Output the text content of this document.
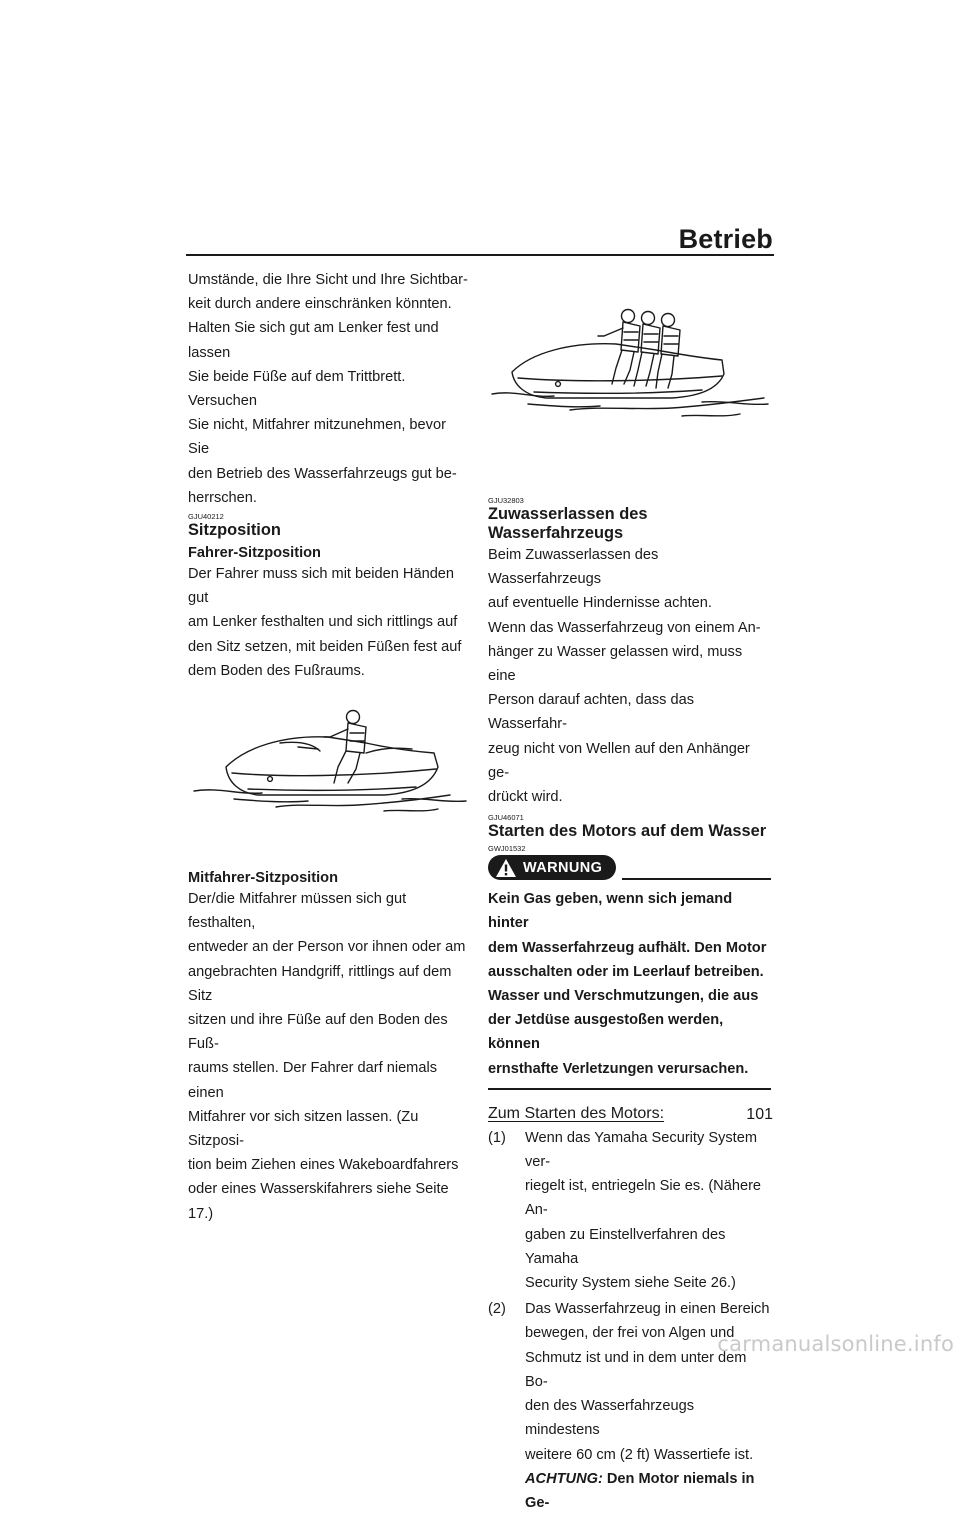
Betrieb

Umstände, die Ihre Sicht und Ihre Sichtbar-
keit durch andere einschränken könnten.
Halten Sie sich gut am Lenker fest und lassen
Sie beide Füße auf dem Trittbrett. Versuchen
Sie nicht, Mitfahrer mitzunehmen, bevor Sie
den Betrieb des Wasserfahrzeugs gut be-
herrschen.

GJU40212

Sitzposition

Fahrer-Sitzposition

Der Fahrer muss sich mit beiden Händen gut
am Lenker festhalten und sich rittlings auf
den Sitz setzen, mit beiden Füßen fest auf
dem Boden des Fußraums.

Mitfahrer-Sitzposition

Der/die Mitfahrer müssen sich gut festhalten,
entweder an der Person vor ihnen oder am
angebrachten Handgriff, rittlings auf dem Sitz
sitzen und ihre Füße auf den Boden des Fuß-
raums stellen. Der Fahrer darf niemals einen
Mitfahrer vor sich sitzen lassen. (Zu Sitzposi-
tion beim Ziehen eines Wakeboardfahrers
oder eines Wasserskifahrers siehe Seite 17.)

GJU32803

Zuwasserlassen des
Wasserfahrzeugs

Beim Zuwasserlassen des Wasserfahrzeugs
auf eventuelle Hindernisse achten.
Wenn das Wasserfahrzeug von einem An-
hänger zu Wasser gelassen wird, muss eine
Person darauf achten, dass das Wasserfahr-
zeug nicht von Wellen auf den Anhänger ge-
drückt wird.

GJU46071

Starten des Motors auf dem Wasser

GWJ01532

WARNUNG

Kein Gas geben, wenn sich jemand hinter
dem Wasserfahrzeug aufhält. Den Motor
ausschalten oder im Leerlauf betreiben.
Wasser und Verschmutzungen, die aus
der Jetdüse ausgestoßen werden, können
ernsthafte Verletzungen verursachen.

Zum Starten des Motors:

(1)	Wenn das Yamaha Security System ver-
riegelt ist, entriegeln Sie es. (Nähere An-
gaben zu Einstellverfahren des Yamaha
Security System siehe Seite 26.)
(2)	Das Wasserfahrzeug in einen Bereich
bewegen, der frei von Algen und
Schmutz ist und in dem unter dem Bo-
den des Wasserfahrzeugs mindestens
weitere 60 cm (2 ft) Wassertiefe ist.
ACHTUNG: Den Motor niemals in Ge-
101
carmanualsonline.info
